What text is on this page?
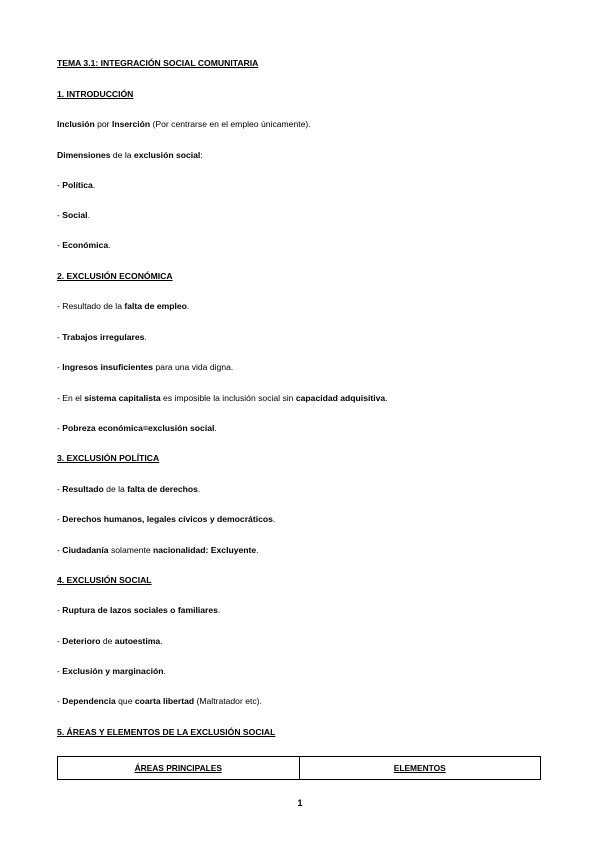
TEMA 3.1: INTEGRACIÓN SOCIAL COMUNITARIA

1. INTRODUCCIÓN

Inclusión por Inserción (Por centrarse en el empleo únicamente).

Dimensiones de la exclusión social:

- Política.

- Social.

- Económica.

2. EXCLUSIÓN ECONÓMICA

- Resultado de la falta de empleo.

- Trabajos irregulares.

- Ingresos insuficientes para una vida digna.

- En el sistema capitalista es imposible la inclusión social sin capacidad adquisitiva.

- Pobreza económica=exclusión social.

3. EXCLUSIÓN POLÍTICA

- Resultado de la falta de derechos.

- Derechos humanos, legales cívicos y democráticos.

- Ciudadanía solamente nacionalidad: Excluyente.

4. EXCLUSIÓN SOCIAL

- Ruptura de lazos sociales o familiares.

- Deterioro de autoestima.

- Exclusión y marginación.

- Dependencia que coarta libertad (Maltratador etc).

5. ÁREAS Y ELEMENTOS DE LA EXCLUSIÓN SOCIAL

ÁREAS PRINCIPALES	ELEMENTOS

1
